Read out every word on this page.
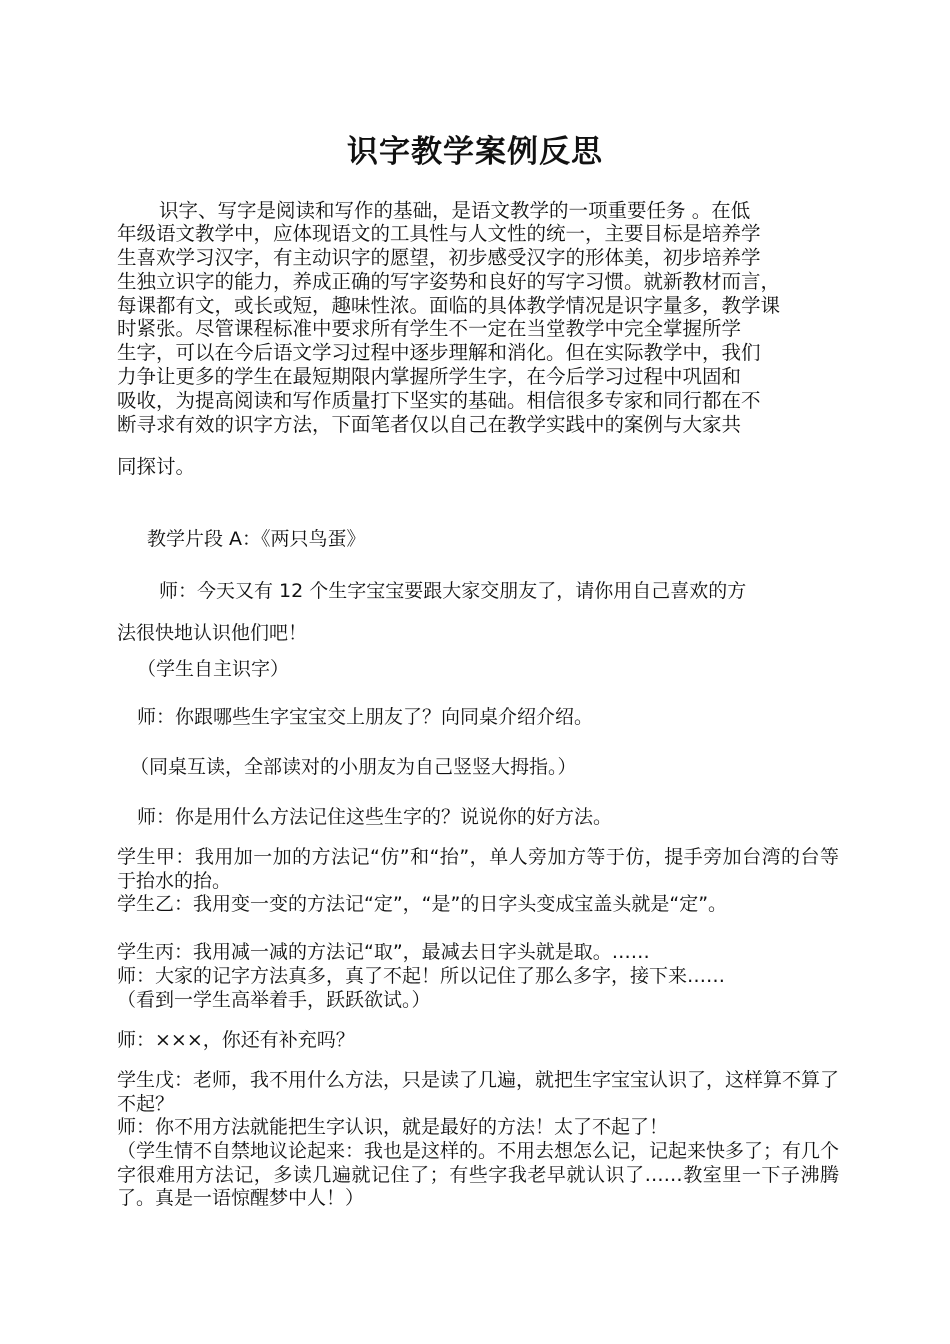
识字教学案例反思
识字、写字是阅读和写作的基础，是语文教学的一项重要任务 。在低
年级语文教学中，应体现语文的工具性与人文性的统一，主要目标是培养学
生喜欢学习汉字，有主动识字的愿望，初步感受汉字的形体美，初步培养学
生独立识字的能力，养成正确的写字姿势和良好的写字习惯。就新教材而言，
每课都有文，或长或短，趣味性浓。面临的具体教学情况是识字量多，教学课
时紧张。尽管课程标准中要求所有学生不一定在当堂教学中完全掌握所学
生字，可以在今后语文学习过程中逐步理解和消化。但在实际教学中，我们
力争让更多的学生在最短期限内掌握所学生字，在今后学习过程中巩固和
吸收，为提高阅读和写作质量打下坚实的基础。相信很多专家和同行都在不
断寻求有效的识字方法，下面笔者仅以自己在教学实践中的案例与大家共
同探讨。
教学片段 A：《两只鸟蛋》
师：今天又有 12 个生字宝宝要跟大家交朋友了，请你用自己喜欢的方
法很快地认识他们吧！
（学生自主识字）
师：你跟哪些生字宝宝交上朋友了？向同桌介绍介绍。
（同桌互读，全部读对的小朋友为自己竖竖大拇指。）
师：你是用什么方法记住这些生字的？说说你的好方法。
学生甲：我用加一加的方法记“仿”和“抬”，单人旁加方等于仿，提手旁加台湾的台等于抬水的抬。
学生乙：我用变一变的方法记“定”，“是”的日字头变成宝盖头就是“定”。
学生丙：我用减一减的方法记“取”，最减去日字头就是取。……
师：大家的记字方法真多，真了不起！所以记住了那么多字，接下来……
（看到一学生高举着手，跃跃欲试。）
师：×××，你还有补充吗？
学生戊：老师，我不用什么方法，只是读了几遍，就把生字宝宝认识了，这样算不算了不起？
师：你不用方法就能把生字认识，就是最好的方法！太了不起了！
（学生情不自禁地议论起来：我也是这样的。不用去想怎么记，记起来快多了；有几个字很难用方法记，多读几遍就记住了；有些字我老早就认识了……教室里一下子沸腾了。真是一语惊醒梦中人！）
